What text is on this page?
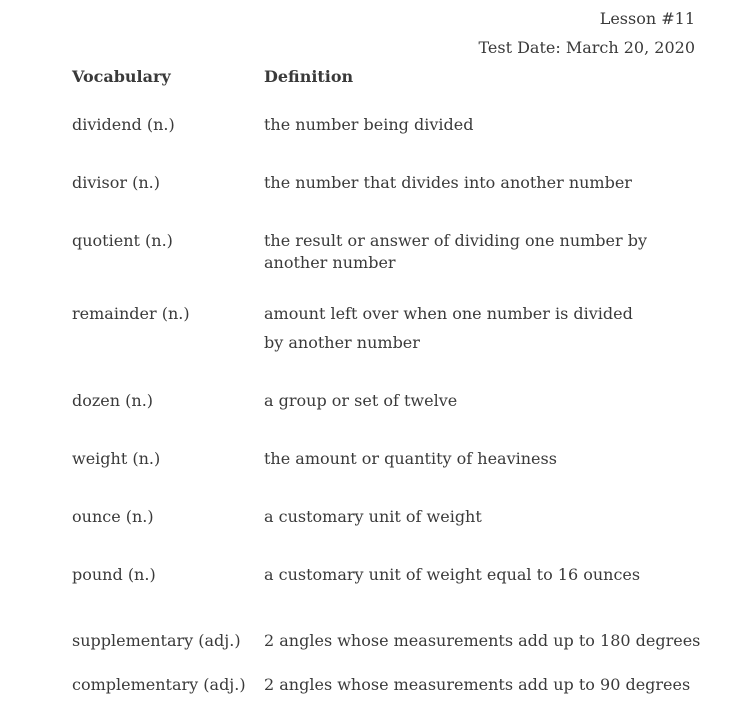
Lesson #11
Test Date: March 20, 2020
Vocabulary	Definition
dividend (n.)	the number being divided
divisor (n.)	the number that divides into another number
quotient (n.)	the result or answer of dividing one number by
another number
remainder (n.)	amount left over when one number is divided
by another number
dozen (n.)	a group or set of twelve
weight (n.)	the amount or quantity of heaviness
ounce (n.)	a customary unit of weight
pound (n.)	a customary unit of weight equal to 16 ounces
supplementary (adj.) 2 angles whose measurements add up to 180 degrees
complementary (adj.) 2 angles whose measurements add up to 90 degrees
